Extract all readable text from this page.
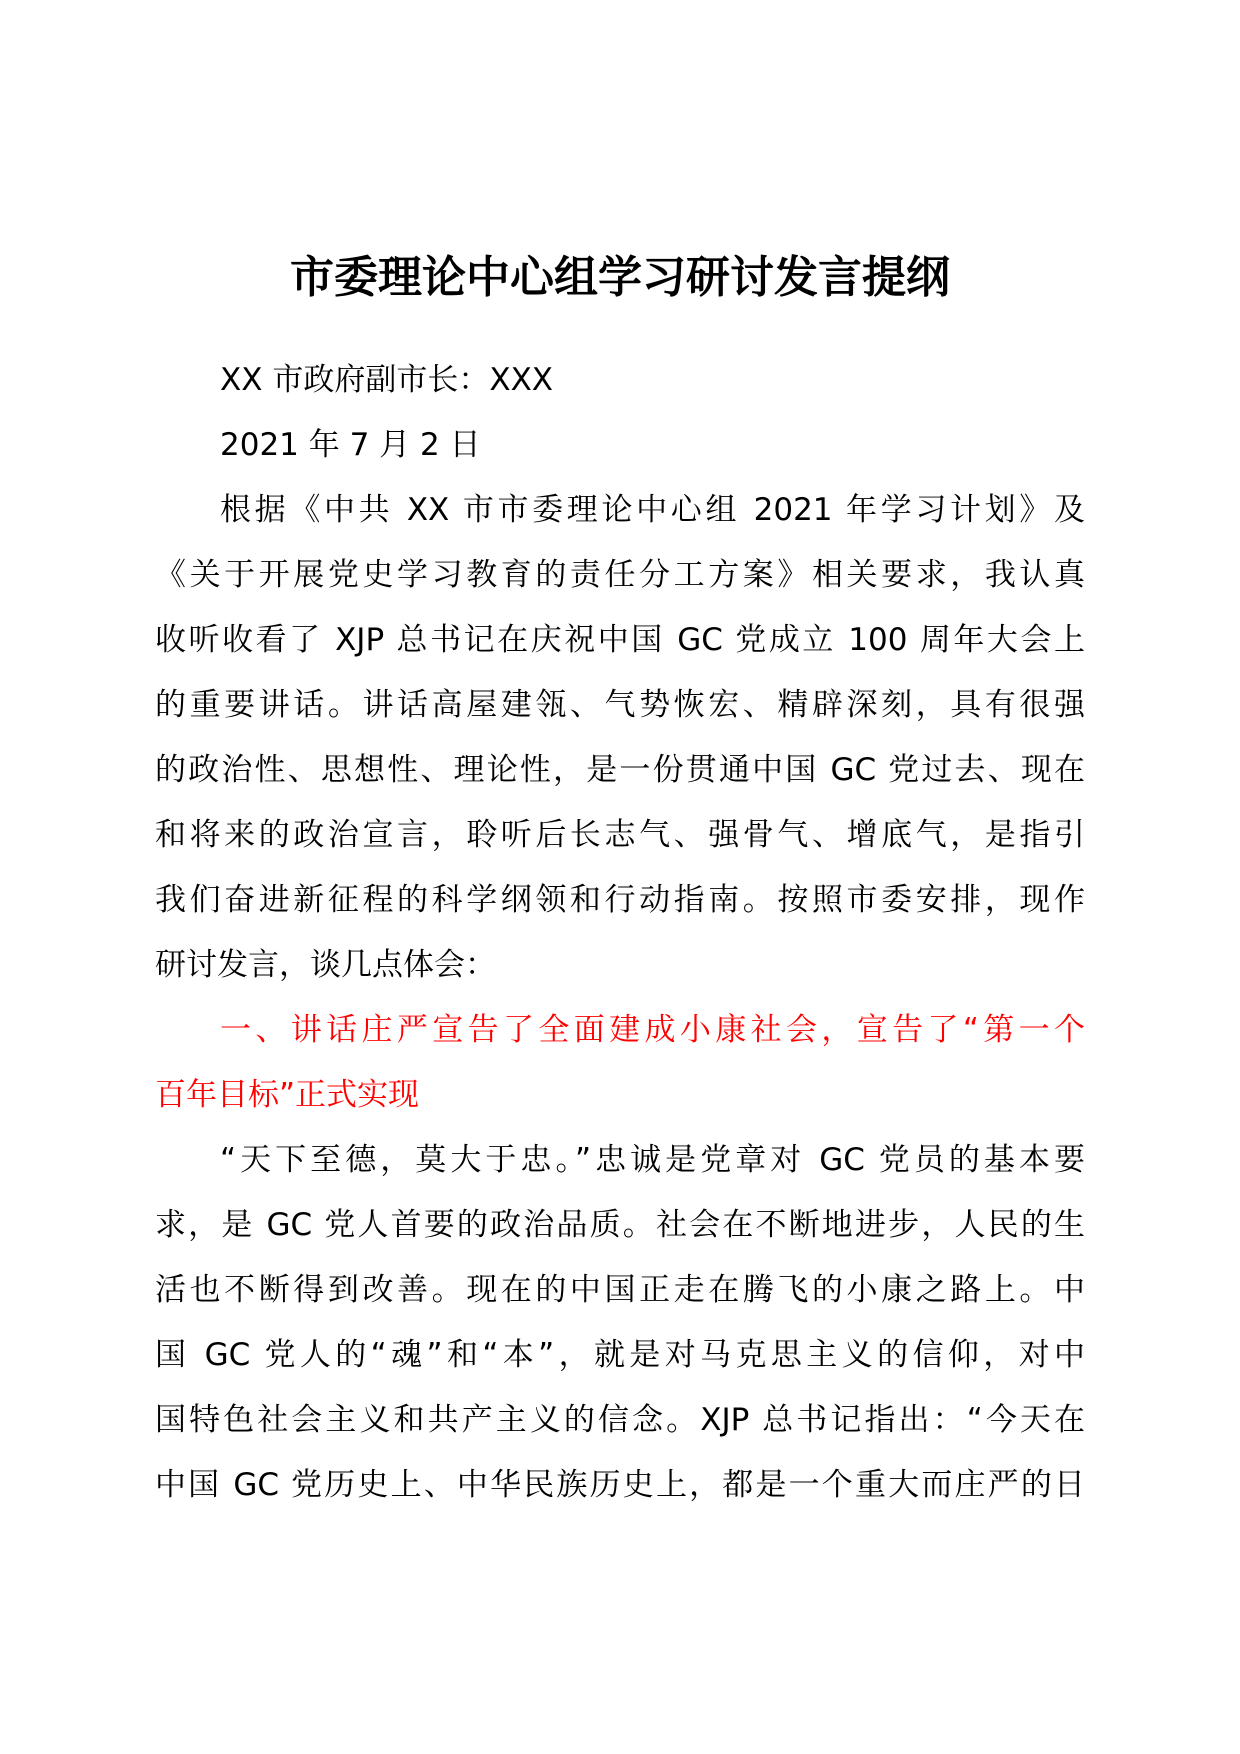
市委理论中心组学习研讨发言提纲

XX 市政府副市长：XXX

2021 年 7 月 2 日

根据《中共 XX 市市委理论中心组 2021 年学习计划》及

《关于开展党史学习教育的责任分工方案》相关要求，我认真

收听收看了 XJP 总书记在庆祝中国 GC 党成立 100 周年大会上

的重要讲话。讲话高屋建瓴、气势恢宏、精辟深刻，具有很强

的政治性、思想性、理论性，是一份贯通中国 GC 党过去、现在

和将来的政治宣言，聆听后长志气、强骨气、增底气，是指引

我们奋进新征程的科学纲领和行动指南。按照市委安排，现作

研讨发言，谈几点体会：

一、讲话庄严宣告了全面建成小康社会，宣告了“第一个

百年目标”正式实现

“天下至德，莫大于忠。”忠诚是党章对 GC 党员的基本要

求，是 GC 党人首要的政治品质。社会在不断地进步，人民的生

活也不断得到改善。现在的中国正走在腾飞的小康之路上。中

国 GC 党人的“魂”和“本”，就是对马克思主义的信仰，对中

国特色社会主义和共产主义的信念。XJP 总书记指出：“今天在

中国 GC 党历史上、中华民族历史上，都是一个重大而庄严的日
